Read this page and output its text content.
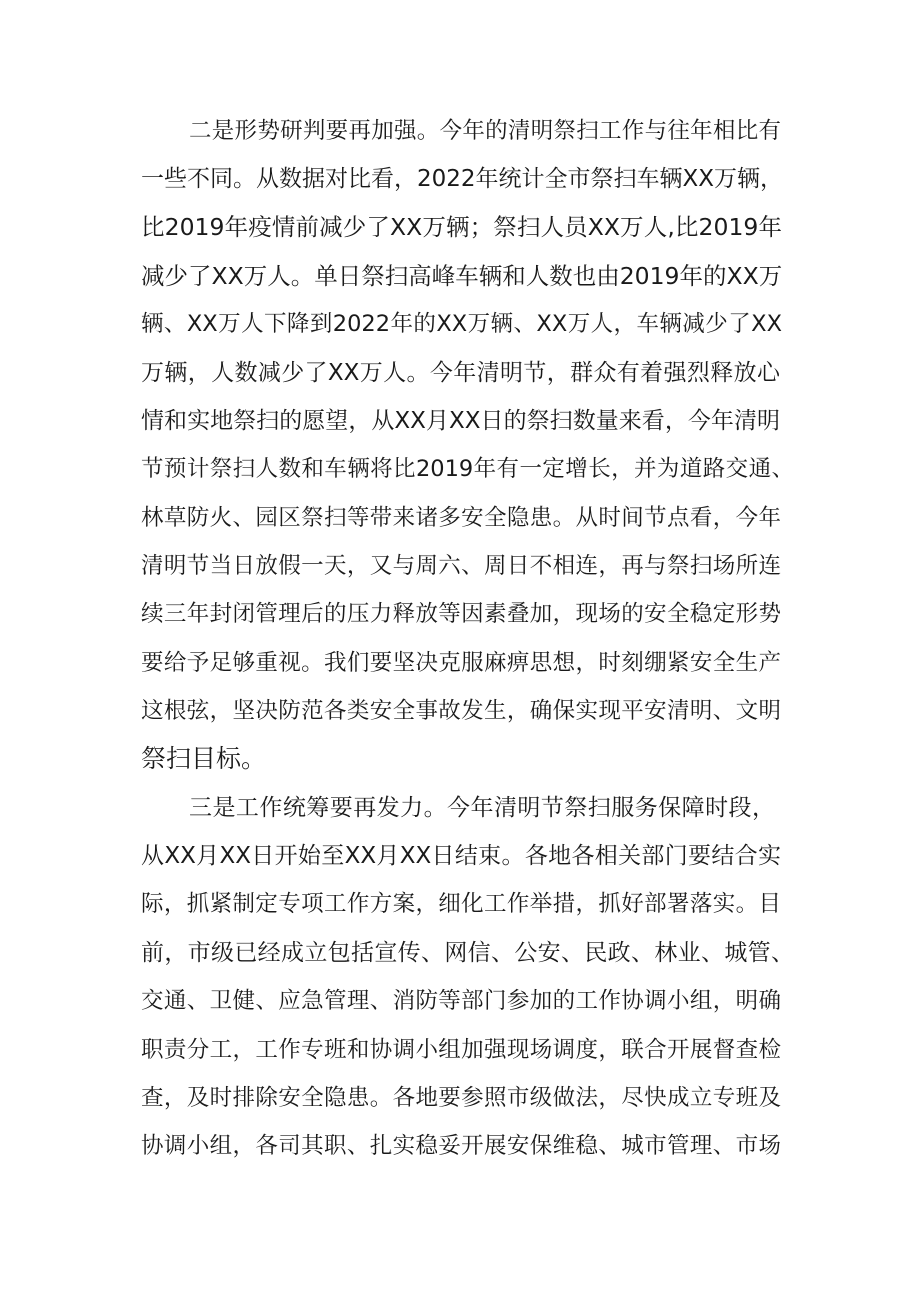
二是形势研判要再加强。今年的清明祭扫工作与往年相比有
一些不同。从数据对比看，2022年统计全市祭扫车辆XX万辆，
比2019年疫情前减少了XX万辆；祭扫人员XX万人,比2019年
减少了XX万人。单日祭扫高峰车辆和人数也由2019年的XX万
辆、XX万人下降到2022年的XX万辆、XX万人，车辆减少了XX
万辆，人数减少了XX万人。今年清明节，群众有着强烈释放心
情和实地祭扫的愿望，从XX月XX日的祭扫数量来看，今年清明
节预计祭扫人数和车辆将比2019年有一定增长，并为道路交通、
林草防火、园区祭扫等带来诸多安全隐患。从时间节点看，今年
清明节当日放假一天，又与周六、周日不相连，再与祭扫场所连
续三年封闭管理后的压力释放等因素叠加，现场的安全稳定形势
要给予足够重视。我们要坚决克服麻痹思想，时刻绷紧安全生产
这根弦，坚决防范各类安全事故发生，确保实现平安清明、文明
祭扫目标。
三是工作统筹要再发力。今年清明节祭扫服务保障时段，
从XX月XX日开始至XX月XX日结束。各地各相关部门要结合实
际，抓紧制定专项工作方案，细化工作举措，抓好部署落实。目
前，市级已经成立包括宣传、网信、公安、民政、林业、城管、
交通、卫健、应急管理、消防等部门参加的工作协调小组，明确
职责分工，工作专班和协调小组加强现场调度，联合开展督查检
查，及时排除安全隐患。各地要参照市级做法，尽快成立专班及
协调小组，各司其职、扎实稳妥开展安保维稳、城市管理、市场
